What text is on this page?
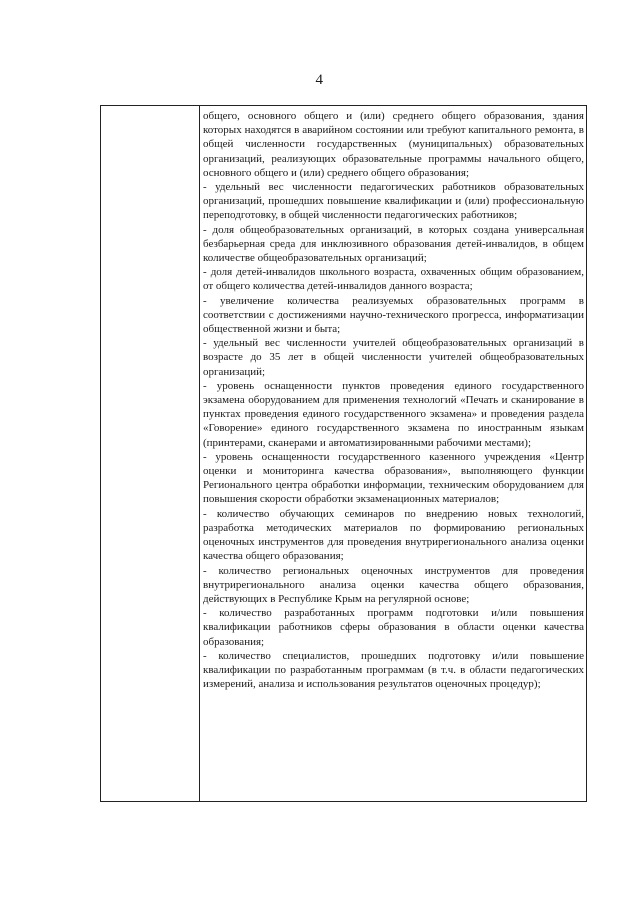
4

общего, основного общего и (или) среднего общего образования, здания которых находятся в аварийном состоянии или требуют капитального ремонта, в общей численности государственных (муниципальных) образовательных организаций, реализующих образовательные программы начального общего, основного общего и (или) среднего общего образования;

- удельный вес численности педагогических работников образовательных организаций, прошедших повышение квалификации и (или) профессиональную переподготовку, в общей численности педагогических работников;

- доля общеобразовательных организаций, в которых создана универсальная безбарьерная среда для инклюзивного образования детей-инвалидов, в общем количестве общеобразовательных организаций;

- доля детей-инвалидов школьного возраста, охваченных общим образованием, от общего количества детей-инвалидов данного возраста;

- увеличение количества реализуемых образовательных программ в соответствии с достижениями научно-технического прогресса, информатизации общественной жизни и быта;

- удельный вес численности учителей общеобразовательных организаций в возрасте до 35 лет в общей численности учителей общеобразовательных организаций;

- уровень оснащенности пунктов проведения единого государственного экзамена оборудованием для применения технологий «Печать и сканирование в пунктах проведения единого государственного экзамена» и проведения раздела «Говорение» единого государственного экзамена по иностранным языкам (принтерами, сканерами и автоматизированными рабочими местами);

- уровень оснащенности государственного казенного учреждения «Центр оценки и мониторинга качества образования», выполняющего функции Регионального центра обработки информации, техническим оборудованием для повышения скорости обработки экзаменационных материалов;

- количество обучающих семинаров по внедрению новых технологий, разработка методических материалов по формированию региональных оценочных инструментов для проведения внутрирегионального анализа оценки качества общего образования;

- количество региональных оценочных инструментов для проведения внутрирегионального анализа оценки качества общего образования, действующих в Республике Крым на регулярной основе;

- количество разработанных программ подготовки и/или повышения квалификации работников сферы образования в области оценки качества образования;

- количество специалистов, прошедших подготовку и/или повышение квалификации по разработанным программам (в т.ч. в области педагогических измерений, анализа и использования результатов оценочных процедур);
